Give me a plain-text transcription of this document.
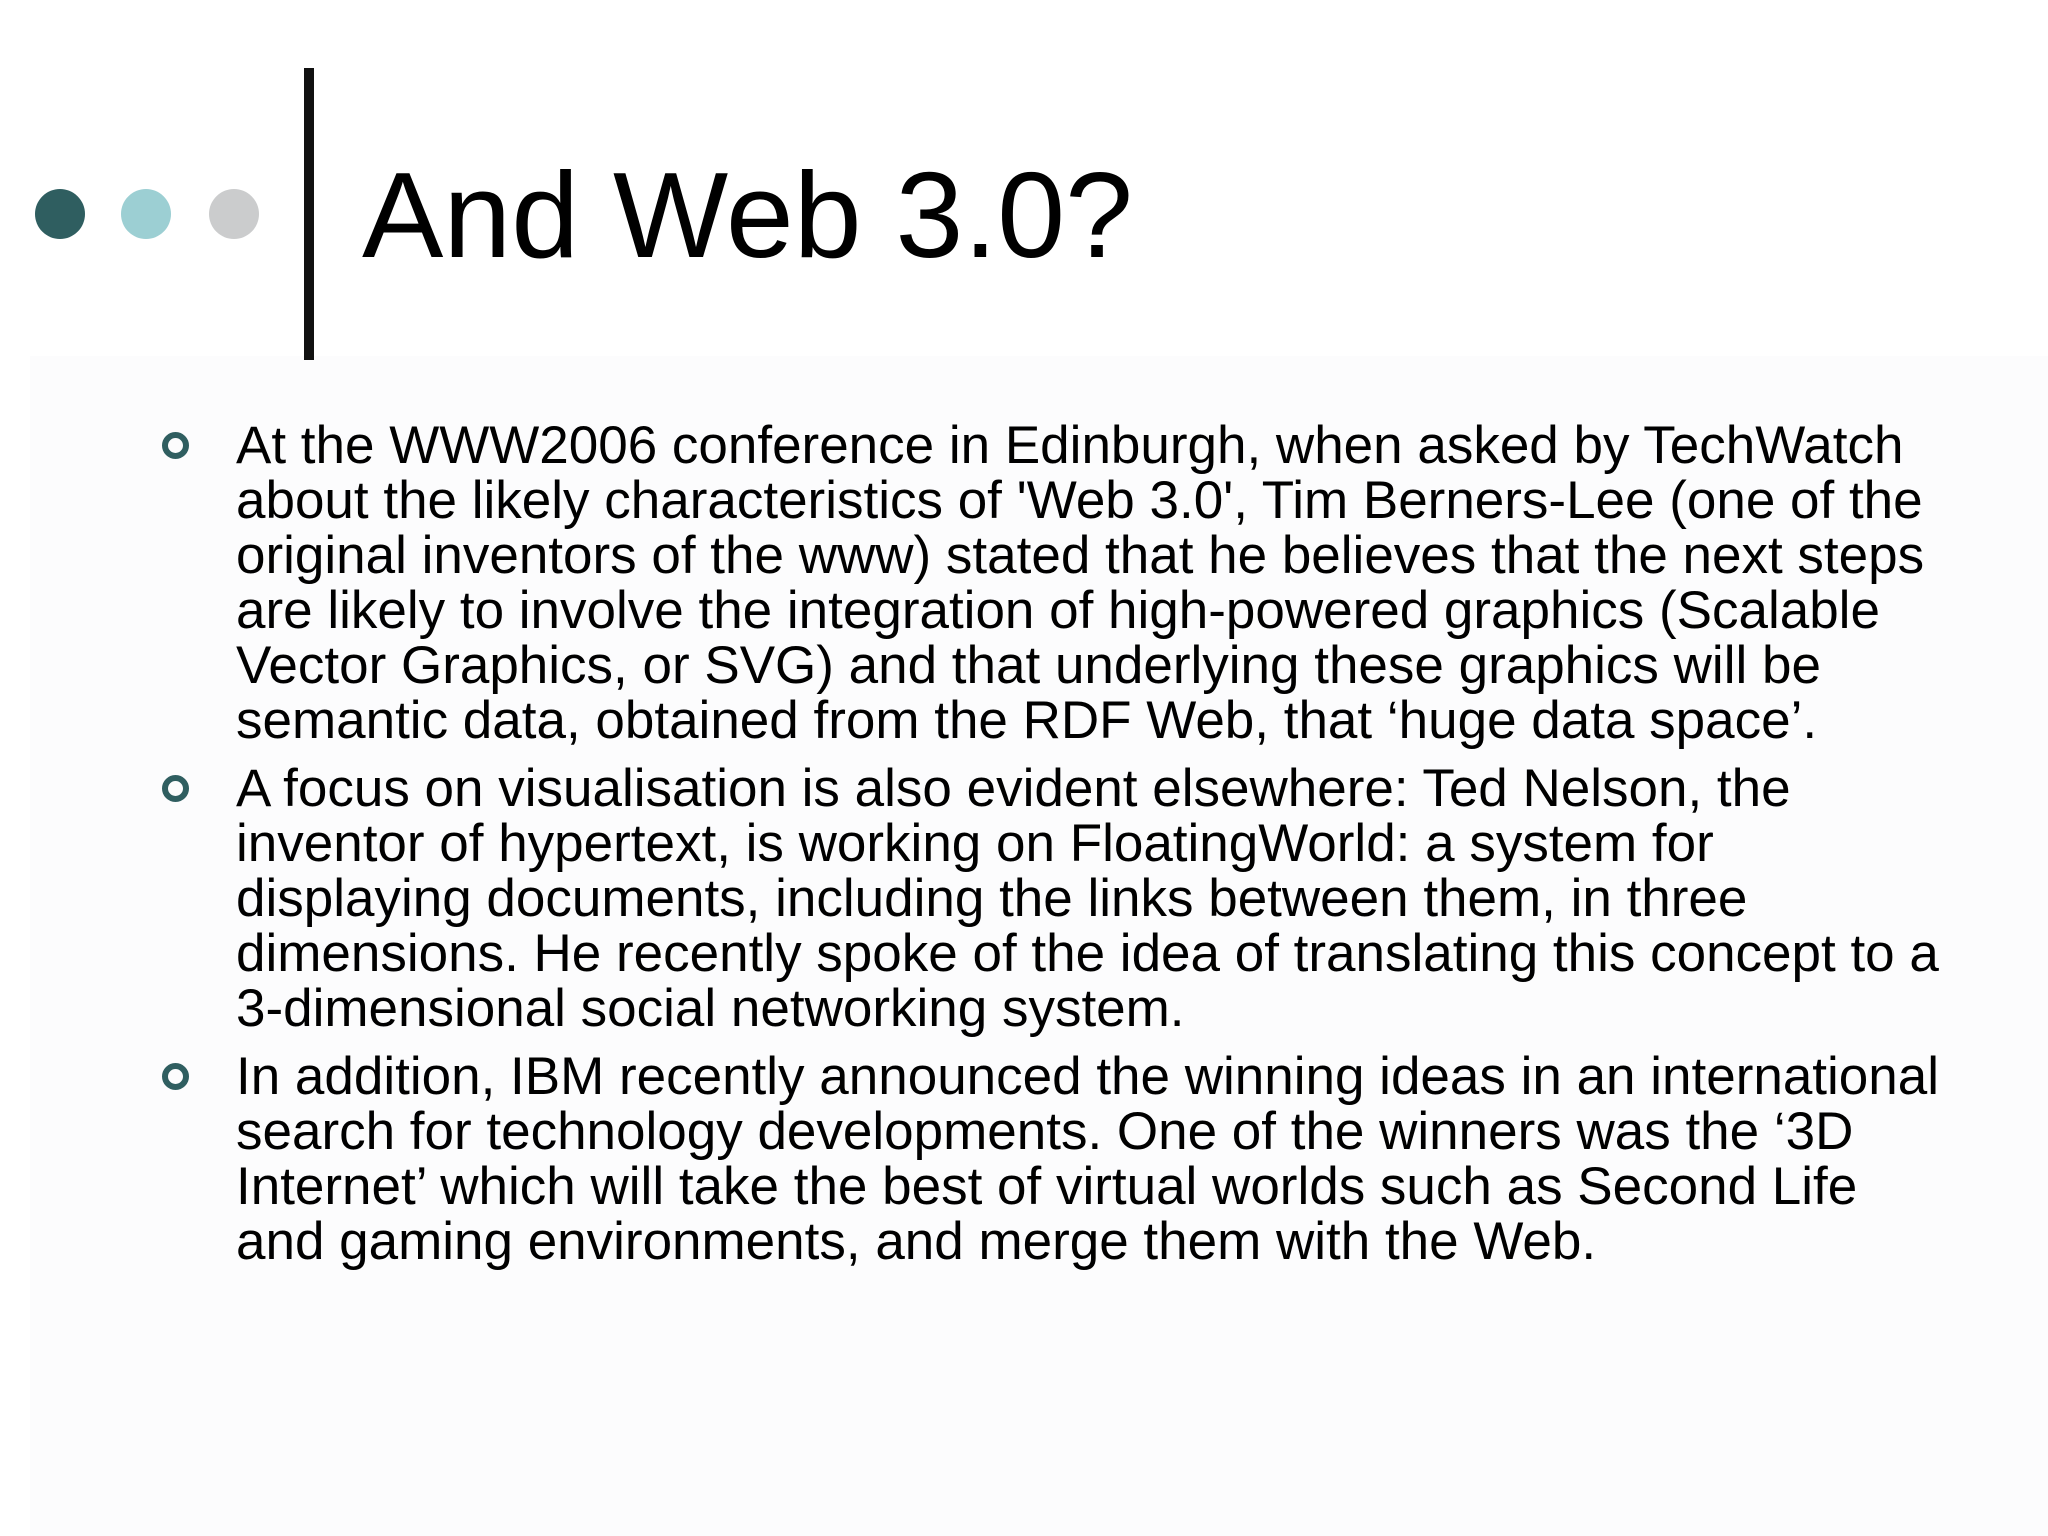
And Web 3.0?
At the WWW2006 conference in Edinburgh, when asked by TechWatch about the likely characteristics of 'Web 3.0', Tim Berners-Lee (one of the original inventors of the www) stated that he believes that the next steps are likely to involve the integration of high-powered graphics (Scalable Vector Graphics, or SVG) and that underlying these graphics will be semantic data, obtained from the RDF Web, that ‘huge data space’.
A focus on visualisation is also evident elsewhere: Ted Nelson, the inventor of hypertext, is working on FloatingWorld: a system for displaying documents, including the links between them, in three dimensions. He recently spoke of the idea of translating this concept to a 3-dimensional social networking system.
In addition, IBM recently announced the winning ideas in an international search for technology developments. One of the winners was the ‘3D Internet’ which will take the best of virtual worlds such as Second Life and gaming environments, and merge them with the Web.
